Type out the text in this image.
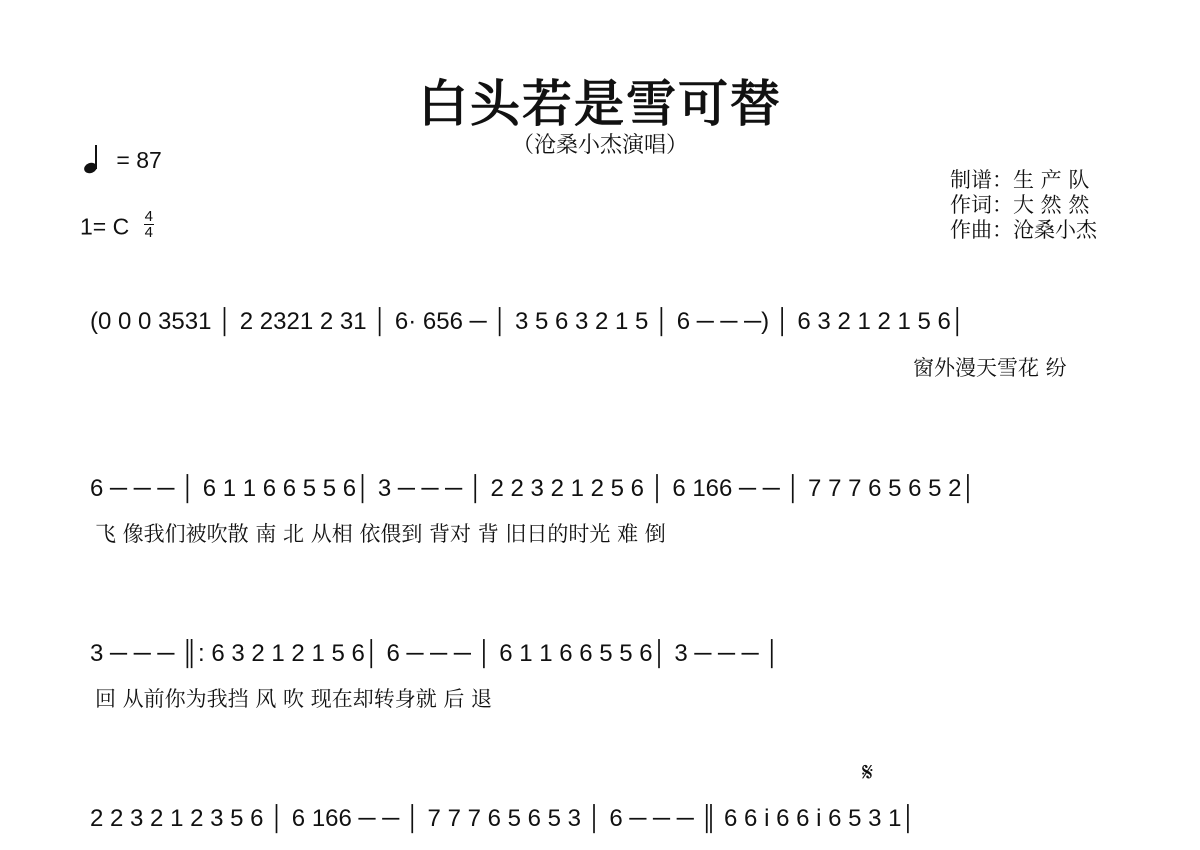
白头若是雪可替
（沧桑小杰演唱）
= 87
1= C $\frac{4}{4}$
制谱：生 产 队
作词：大 然 然
作曲：沧桑小杰
(0 0 0 3531 │ 2 2321 2 31 │ 6· 656 ─ │ 3 5 6 3 2 1 5 │ 6 ─ ─ ─) │ 6 3 2 1 2 1 5 6│
窗外漫天雪花 纷
6 ─ ─ ─ │ 6 1 1 6 6 5 5 6│ 3 ─ ─ ─ │ 2 2 3 2 1 2 5 6 │ 6 166 ─ ─ │ 7 7 7 6 5 6 5 2│
飞 像我们被吹散 南 北 从相 依偎到 背对 背 旧日的时光 难 倒
3 ─ ─ ─ ║: 6 3 2 1 2 1 5 6│ 6 ─ ─ ─ │ 6 1 1 6 6 5 5 6│ 3 ─ ─ ─ │
回 从前你为我挡 风 吹 现在却转身就 后 退
𝄋
2 2 3 2 1 2 3 5 6 │ 6 166 ─ ─ │ 7 7 7 6 5 6 5 3 │ 6 ─ ─ ─ ║ 6 6 i 6 6 i 6 5 3 1│
